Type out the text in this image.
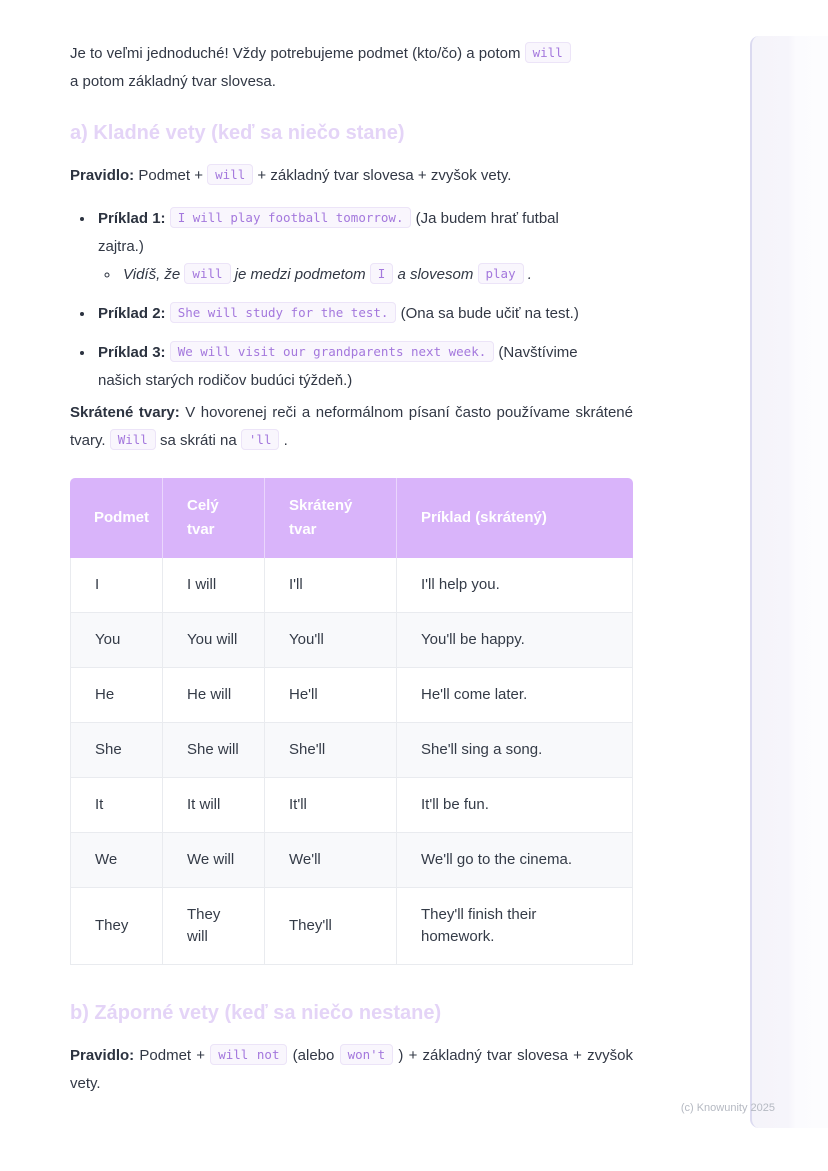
Je to veľmi jednoduché! Vždy potrebujeme podmet (kto/čo) a potom will
a potom základný tvar slovesa.

a) Kladné vety (keď sa niečo stane)

Pravidlo: Podmet + will + základný tvar slovesa + zvyšok vety.

• Príklad 1: I will play football tomorrow. (Ja budem hrať futbal
zajtra.)
◦ Vidíš, že will je medzi podmetom I a slovesom play .
• Príklad 2: She will study for the test. (Ona sa bude učiť na test.)
• Príklad 3: We will visit our grandparents next week. (Navštívime
našich starých rodičov budúci týždeň.)

Skrátené tvary: V hovorenej reči a neformálnom písaní často používame skrátené tvary. Will sa skráti na 'll .

Podmet	Celý tvar	Skrátený tvar	Príklad (skrátený)
I	I will	I'll	I'll help you.
You	You will	You'll	You'll be happy.
He	He will	He'll	He'll come later.
She	She will	She'll	She'll sing a song.
It	It will	It'll	It'll be fun.
We	We will	We'll	We'll go to the cinema.
They	They will	They'll	They'll finish their homework.
b) Záporné vety (keď sa niečo nestane)

Pravidlo: Podmet + will not (alebo won't ) + základný tvar slovesa + zvyšok vety.

(c) Knowunity 2025
